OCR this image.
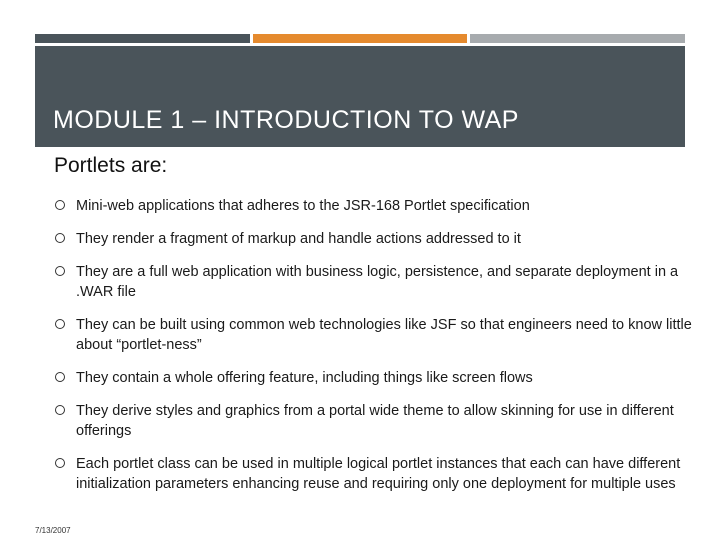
MODULE 1 – INTRODUCTION TO WAP
Portlets are:
Mini-web applications that adheres to the JSR-168 Portlet specification
They render a fragment of markup and handle actions addressed to it
They are a full web application with business logic, persistence, and separate deployment in a .WAR file
They can be built using common web technologies like JSF so that engineers need to know little about “portlet-ness”
They contain a whole offering feature, including things like screen flows
They derive styles and graphics from a portal wide theme to allow skinning for use in different offerings
Each portlet class can be used in multiple logical portlet instances that each can have different initialization parameters enhancing reuse and requiring only one deployment for multiple uses
7/13/2007
